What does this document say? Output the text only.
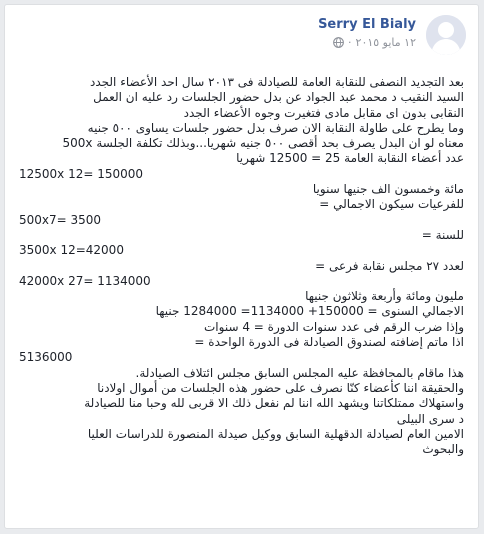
Serry El Bialy
١٢ مايو ٢٠١٥
·

بعد التجديد النصفى للنقابة العامة للصيادلة فى ٢٠١٣ سال احد الأعضاء الجدد

السيد النقيب د محمد عبد الجواد عن بدل حضور الجلسات رد عليه ان العمل

النقابى بدون اى مقابل مادى فتغيرت وجوه الأعضاء الجدد

وما يطرح على طاولة النقابة الان صرف بدل حضور جلسات يساوى ٥٠٠ جنيه

معناه لو ان البدل يصرف بحد أقصى ٥٠٠ جنيه شهريا...وبذلك تكلفة الجلسة 500x

عدد أعضاء النقابة العامة 25 = 12500 شهريا

12500x 12= 150000

مائة وخمسون الف جنيها سنويا

للفرعيات سيكون الاجمالي =

500x7= 3500

للسنة =

3500x 12=42000

لعدد ٢٧ مجلس نقابة فرعى =

42000x 27= 1134000

مليون ومائة وأربعة وثلاثون جنيها

الاجمالي السنوى = 150000+ 1134000= 1284000 جنيها

وإذا ضرب الرقم فى عدد سنوات الدورة = 4 سنوات

اذا ماتم إضافته لصندوق الصيادلة فى الدورة الواحدة =

5136000

هذا ماقام بالمحافظة عليه المجلس السابق مجلس ائتلاف الصيادلة.

والحقيقة اننا كأعضاء كنّا نصرف على حضور هذه الجلسات من أموال اولادنا

واستهلاك ممتلكاتنا ويشهد الله اننا لم نفعل ذلك الا قربى لله وحبا منا للصيادلة

د سرى البيلى

الامين العام لصيادلة الدقهلية السابق ووكيل صيدلة المنصورة للدراسات العليا

والبحوث
